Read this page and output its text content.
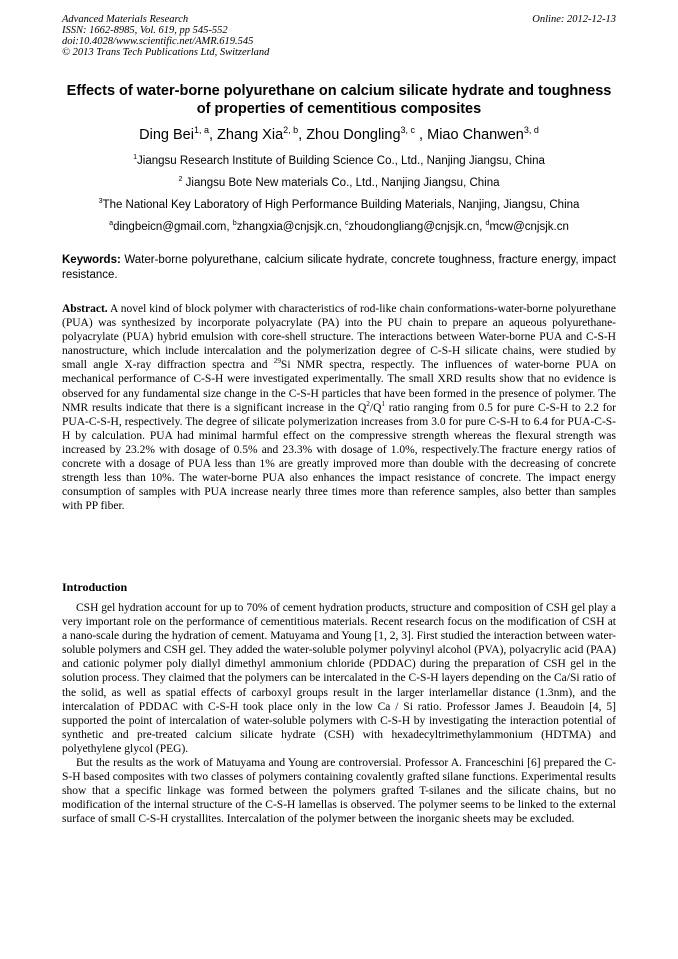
Advanced Materials Research
ISSN: 1662-8985, Vol. 619, pp 545-552
doi:10.4028/www.scientific.net/AMR.619.545
© 2013 Trans Tech Publications Ltd, Switzerland
Online: 2012-12-13
Effects of water-borne polyurethane on calcium silicate hydrate and toughness of properties of cementitious composites
Ding Bei$^{1, a}$, Zhang Xia$^{2, b}$, Zhou Dongling$^{3, c}$ , Miao Chanwen$^{3, d}$
$^1$Jiangsu Research Institute of Building Science Co., Ltd., Nanjing Jiangsu, China
$^2$ Jiangsu Bote New materials Co., Ltd., Nanjing Jiangsu, China
$^3$The National Key Laboratory of High Performance Building Materials, Nanjing, Jiangsu, China
$^a$dingbeicn@gmail.com, $^b$zhangxia@cnjsjk.cn, $^c$zhoudongliang@cnjsjk.cn, $^d$mcw@cnjsjk.cn
Keywords: Water-borne polyurethane, calcium silicate hydrate, concrete toughness, fracture energy, impact resistance.
Abstract. A novel kind of block polymer with characteristics of rod-like chain conformations-water-borne polyurethane (PUA) was synthesized by incorporate polyacrylate (PA) into the PU chain to prepare an aqueous polyurethane-polyacrylate (PUA) hybrid emulsion with core-shell structure. The interactions between Water-borne PUA and C-S-H nanostructure, which include intercalation and the polymerization degree of C-S-H silicate chains, were studied by small angle X-ray diffraction spectra and $^{29}$Si NMR spectra, respectly. The influences of water-borne PUA on mechanical performance of C-S-H were investigated experimentally. The small XRD results show that no evidence is observed for any fundamental size change in the C-S-H particles that have been formed in the presence of polymer. The NMR results indicate that there is a significant increase in the $Q^2/Q^1$ ratio ranging from 0.5 for pure C-S-H to 2.2 for PUA-C-S-H, respectively. The degree of silicate polymerization increases from 3.0 for pure C-S-H to 6.4 for PUA-C-S-H by calculation. PUA had minimal harmful effect on the compressive strength whereas the flexural strength was increased by 23.2% with dosage of 0.5% and 23.3% with dosage of 1.0%, respectively.The fracture energy ratios of concrete with a dosage of PUA less than 1% are greatly improved more than double with the decreasing of concrete strength less than 10%. The water-borne PUA also enhances the impact resistance of concrete. The impact energy consumption of samples with PUA increase nearly three times more than reference samples, also better than samples with PP fiber.
Introduction

CSH gel hydration account for up to 70% of cement hydration products, structure and composition of CSH gel play a very important role on the performance of cementitious materials. Recent research focus on the modification of CSH at a nano-scale during the hydration of cement. Matuyama and Young [1, 2, 3]. First studied the interaction between water-soluble polymers and CSH gel. They added the water-soluble polymer polyvinyl alcohol (PVA), polyacrylic acid (PAA) and cationic polymer poly diallyl dimethyl ammonium chloride (PDDAC) during the preparation of CSH gel in the solution process. They claimed that the polymers can be intercalated in the C-S-H layers depending on the Ca/Si ratio of the solid, as well as spatial effects of carboxyl groups result in the larger interlamellar distance (1.3nm), and the intercalation of PDDAC with C-S-H took place only in the low Ca / Si ratio. Professor James J. Beaudoin [4, 5] supported the point of intercalation of water-soluble polymers with C-S-H by investigating the interaction potential of synthetic and pre-treated calcium silicate hydrate (CSH) with hexadecyltrimethylammonium (HDTMA) and polyethylene glycol (PEG).

But the results as the work of Matuyama and Young are controversial. Professor A. Franceschini [6] prepared the C-S-H based composites with two classes of polymers containing covalently grafted silane functions. Experimental results show that a specific linkage was formed between the polymers grafted T-silanes and the silicate chains, but no modification of the internal structure of the C-S-H lamellas is observed. The polymer seems to be linked to the external surface of small C-S-H crystallites. Intercalation of the polymer between the inorganic sheets may be excluded.
